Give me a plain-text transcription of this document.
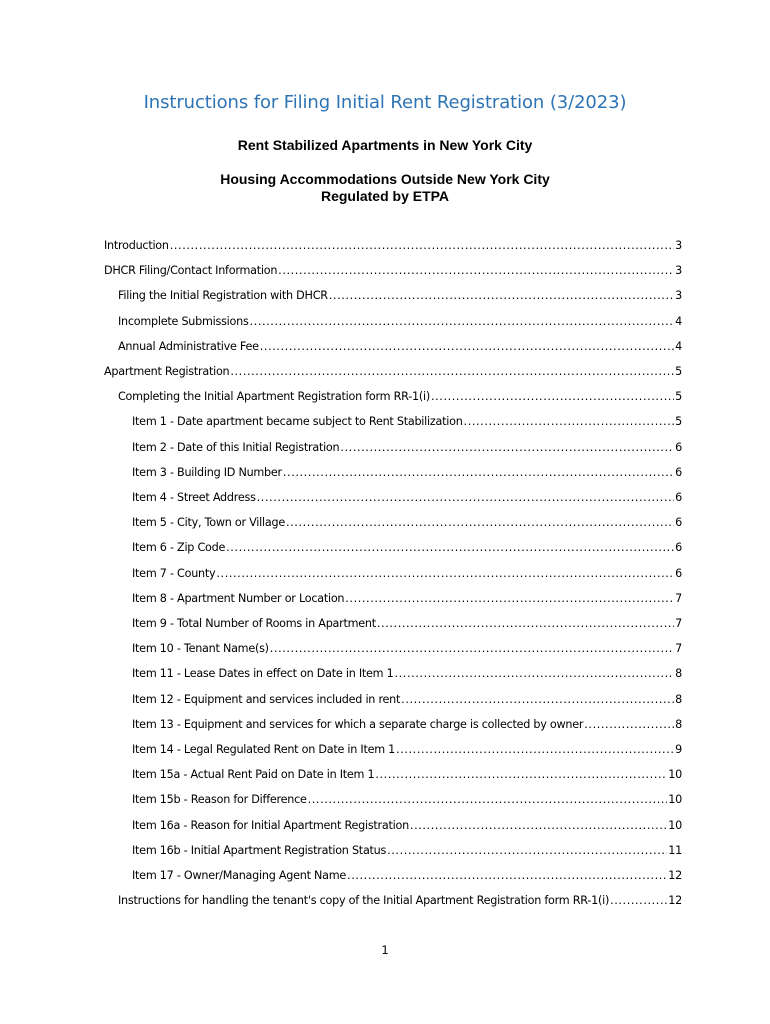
Instructions for Filing Initial Rent Registration (3/2023)
Rent Stabilized Apartments in New York City
Housing Accommodations Outside New York City
Regulated by ETPA
Introduction .....	3
DHCR Filing/Contact Information .....	3
Filing the Initial Registration with DHCR .....	3
Incomplete Submissions .....	4
Annual Administrative Fee .....	4
Apartment Registration .....	5
Completing the Initial Apartment Registration form RR-1(i) .....	5
Item 1 - Date apartment became subject to Rent Stabilization .....	5
Item 2 - Date of this Initial Registration .....	6
Item 3 - Building ID Number .....	6
Item 4 - Street Address .....	6
Item 5 - City, Town or Village .....	6
Item 6 - Zip Code .....	6
Item 7 - County .....	6
Item 8 - Apartment Number or Location .....	7
Item 9 - Total Number of Rooms in Apartment .....	7
Item 10 - Tenant Name(s) .....	7
Item 11 - Lease Dates in effect on Date in Item 1 .....	8
Item 12 - Equipment and services included in rent .....	8
Item 13 - Equipment and services for which a separate charge is collected by owner .....	8
Item 14 - Legal Regulated Rent on Date in Item 1 .....	9
Item 15a - Actual Rent Paid on Date in Item 1 .....	10
Item 15b - Reason for Difference .....	10
Item 16a - Reason for Initial Apartment Registration .....	10
Item 16b - Initial Apartment Registration Status .....	11
Item 17 - Owner/Managing Agent Name .....	12
Instructions for handling the tenant's copy of the Initial Apartment Registration form RR-1(i) .....	12
1
